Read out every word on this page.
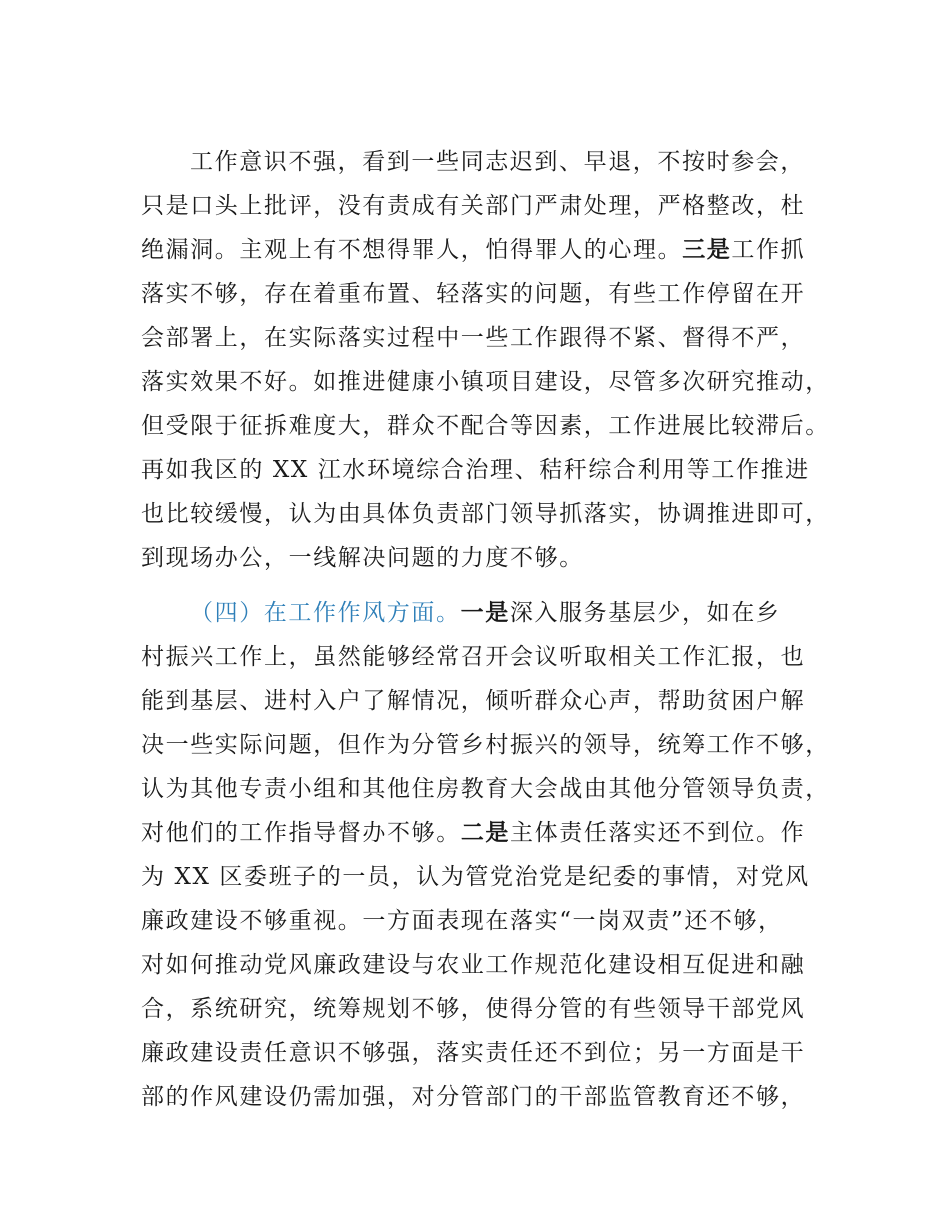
工作意识不强，看到一些同志迟到、早退，不按时参会，
只是口头上批评，没有责成有关部门严肃处理，严格整改，杜
绝漏洞。主观上有不想得罪人，怕得罪人的心理。三是工作抓
落实不够，存在着重布置、轻落实的问题，有些工作停留在开
会部署上，在实际落实过程中一些工作跟得不紧、督得不严，
落实效果不好。如推进健康小镇项目建设，尽管多次研究推动，
但受限于征拆难度大，群众不配合等因素，工作进展比较滞后。
再如我区的 XX 江水环境综合治理、秸秆综合利用等工作推进
也比较缓慢，认为由具体负责部门领导抓落实，协调推进即可，
到现场办公，一线解决问题的力度不够。
（四）在工作作风方面。一是深入服务基层少，如在乡
村振兴工作上，虽然能够经常召开会议听取相关工作汇报，也
能到基层、进村入户了解情况，倾听群众心声，帮助贫困户解
决一些实际问题，但作为分管乡村振兴的领导，统筹工作不够，
认为其他专责小组和其他住房教育大会战由其他分管领导负责，
对他们的工作指导督办不够。二是主体责任落实还不到位。作
为 XX 区委班子的一员，认为管党治党是纪委的事情，对党风
廉政建设不够重视。一方面表现在落实“一岗双责”还不够，
对如何推动党风廉政建设与农业工作规范化建设相互促进和融
合，系统研究，统筹规划不够，使得分管的有些领导干部党风
廉政建设责任意识不够强，落实责任还不到位；另一方面是干
部的作风建设仍需加强，对分管部门的干部监管教育还不够，
